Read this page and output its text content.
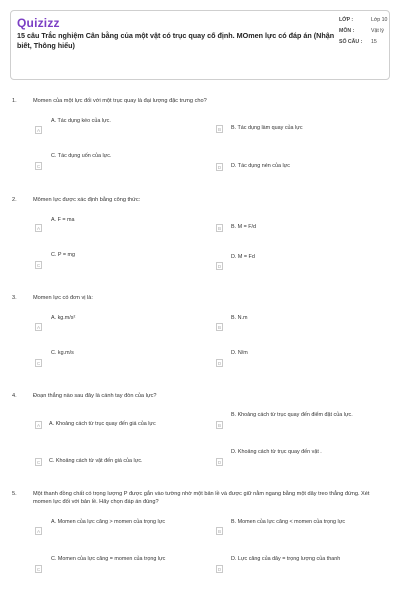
Quizizz
15 câu Trắc nghiệm Cân bằng của một vật có trục quay cố định. MOmen lực có đáp án (Nhận biết, Thông hiểu)
LỚP :	Lớp 10
MÔN :	Vật lý
SỐ CÂU :	15
1.	Momen của một lực đối với một trục quay là đại lượng đặc trưng cho?
A. Tác dụng kéo của lực.
A	B	B. Tác dụng làm quay của lực
C. Tác dụng uốn của lực.
C	D	D. Tác dụng nén của lực
2.	Mômen lực được xác định bằng công thức:
A. F = ma
A	B	B. M = F/d
C. P = mg
C
D. M = Fd
D
3.	Momen lực có đơn vị là:
A. kg.m/s²
A
B. N.m
B
C. kg.m/s
C
D. N/m
D
4.	Đoạn thẳng nào sau đây là cánh tay đòn của lực?
A	A. Khoảng cách từ trục quay đến giá của lực
B. Khoảng cách từ trục quay đến điểm đặt của lực.
B
C	C. Khoảng cách từ vật đến giá của lực.
D. Khoảng cách từ trục quay đến vật .
D
5.	Một thanh đồng chất có trọng lượng P được gắn vào tường nhờ một bản lề và được giữ nằm ngang bằng một dây treo thẳng đứng. Xét momen lực đối với bản lề. Hãy chọn đáp án đúng?
A. Momen của lực căng > momen của trọng lực
A
B. Momen của lực căng < momen của trọng lực
B
C. Momen của lực căng = momen của trọng lực
C
D. Lực căng của dây = trọng lượng của thanh
D
